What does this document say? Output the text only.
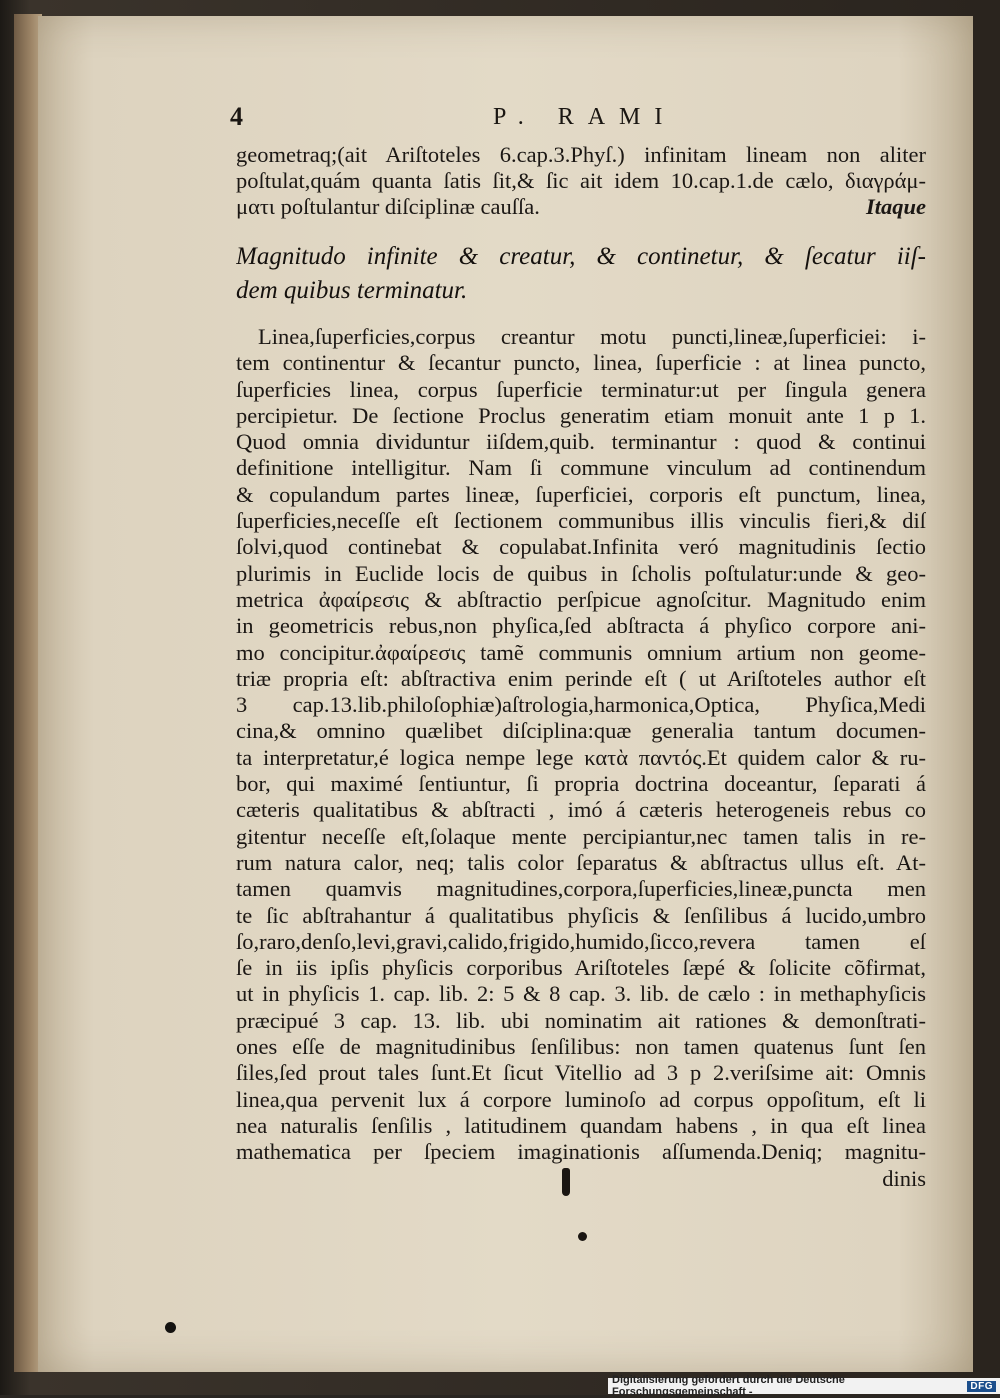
4	P. RAMI
geometraq;(ait Ariſtoteles 6.cap.3.Phyſ.) infinitam lineam non aliter
poſtulat,quám quanta ſatis ſit,& ſic ait idem 10.cap.1.de cælo, διαγράμ-
ματι poſtulantur diſciplinæ cauſſa.	Itaque
Magnitudo infinite & creatur, & continetur, & ſecatur iiſ-
dem quibus terminatur.
Linea,ſuperficies,corpus creantur motu puncti,lineæ,ſuperficiei: i-
tem continentur & ſecantur puncto, linea, ſuperficie : at linea puncto,
ſuperficies linea, corpus ſuperficie terminatur:ut per ſingula genera
percipietur. De ſectione Proclus generatim etiam monuit ante 1 p 1.
Quod omnia dividuntur iiſdem,quib. terminantur : quod & continui
definitione intelligitur. Nam ſi commune vinculum ad continendum
& copulandum partes lineæ, ſuperficiei, corporis eſt punctum, linea,
ſuperficies,neceſſe eſt ſectionem communibus illis vinculis fieri,& diſ
ſolvi,quod continebat & copulabat.Infinita veró magnitudinis ſectio
plurimis in Euclide locis de quibus in ſcholis poſtulatur:unde & geo-
metrica ἀφαίρεσις & abſtractio perſpicue agnoſcitur. Magnitudo enim
in geometricis rebus,non phyſica,ſed abſtracta á phyſico corpore ani-
mo concipitur.ἀφαίρεσις tamẽ communis omnium artium non geome-
triæ propria eſt: abſtractiva enim perinde eſt ( ut Ariſtoteles author eſt
3 cap.13.lib.philoſophiæ)aſtrologia,harmonica,Optica, Phyſica,Medi
cina,& omnino quælibet diſciplina:quæ generalia tantum documen-
ta interpretatur,é logica nempe lege κατὰ παντός.Et quidem calor & ru-
bor, qui maximé ſentiuntur, ſi propria doctrina doceantur, ſeparati á
cæteris qualitatibus & abſtracti , imó á cæteris heterogeneis rebus co
gitentur neceſſe eſt,ſolaque mente percipiantur,nec tamen talis in re-
rum natura calor, neq; talis color ſeparatus & abſtractus ullus eſt. At-
tamen quamvis magnitudines,corpora,ſuperficies,lineæ,puncta men
te ſic abſtrahantur á qualitatibus phyſicis & ſenſilibus á lucido,umbro
ſo,raro,denſo,levi,gravi,calido,frigido,humido,ſicco,revera tamen eſ
ſe in iis ipſis phyſicis corporibus Ariſtoteles ſæpé & ſolicite cõfirmat,
ut in phyſicis 1. cap. lib. 2: 5 & 8 cap. 3. lib. de cælo : in methaphyſicis
præcipué 3 cap. 13. lib. ubi nominatim ait rationes & demonſtrati-
ones eſſe de magnitudinibus ſenſilibus: non tamen quatenus ſunt ſen
ſiles,ſed prout tales ſunt.Et ſicut Vitellio ad 3 p 2.veriſsime ait: Omnis
linea,qua pervenit lux á corpore luminoſo ad corpus oppoſitum, eſt li
nea naturalis ſenſilis , latitudinem quandam habens , in qua eſt linea
mathematica per ſpeciem imaginationis aſſumenda.Deniq; magnitu-
dinis
Digitalisierung gefördert durch die Deutsche Forschungsgemeinschaft -	DFG
